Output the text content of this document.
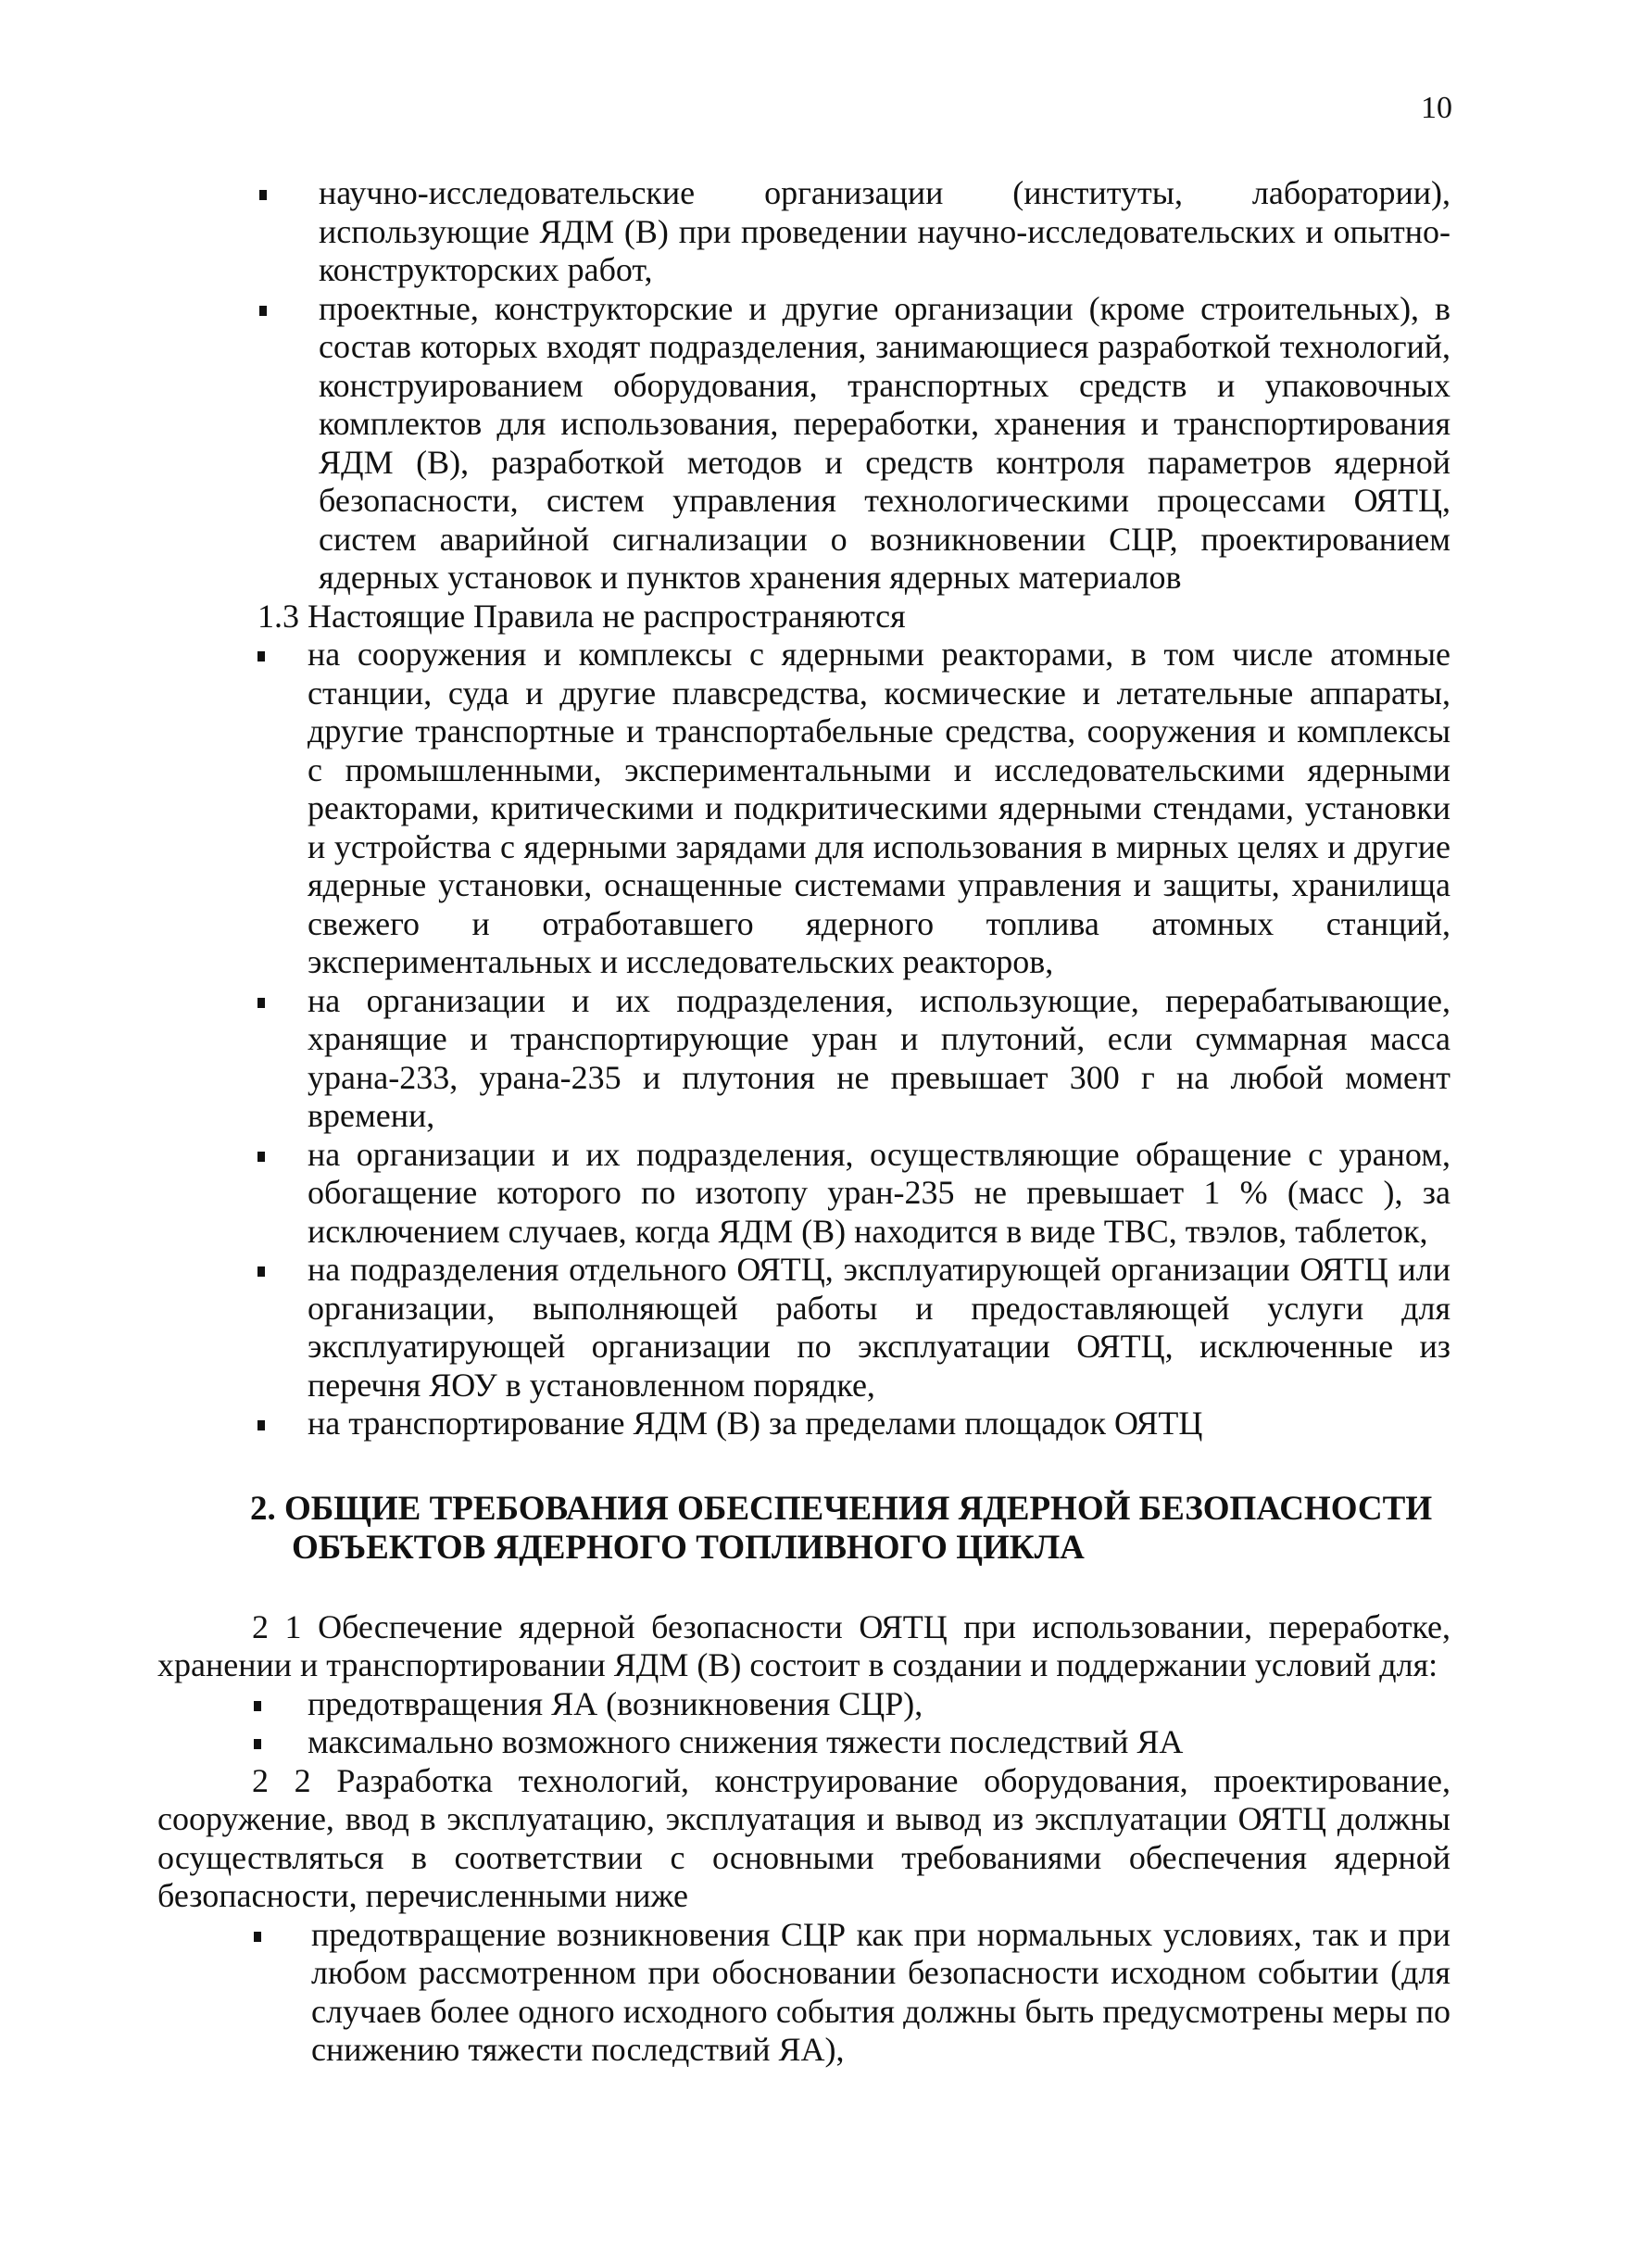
10
научно-исследовательские организации (институты, лаборатории), использующие ЯДМ (В) при проведении научно-исследовательских и опытно-конструкторских работ,
проектные, конструкторские и другие организации (кроме строительных), в состав которых входят подразделения, занимающиеся разработкой технологий, конструированием оборудования, транспортных средств и упаковочных комплектов для использования, переработки, хранения и транспортирования ЯДМ (В), разработкой методов и средств контроля параметров ядерной безопасности, систем управления технологическими процессами ОЯТЦ, систем аварийной сигнализации о возникновении СЦР, проектированием ядерных установок и пунктов хранения ядерных материалов

1.3 Настоящие Правила не распространяются

на сооружения и комплексы с ядерными реакторами, в том числе атомные станции, суда и другие плавсредства, космические и летательные аппараты, другие транспортные и транспортабельные средства, сооружения и комплексы с промышленными, экспериментальными и исследовательскими ядерными реакторами, критическими и подкритическими ядерными стендами, установки и устройства с ядерными зарядами для использования в мирных целях и другие ядерные установки, оснащенные системами управления и защиты, хранилища свежего и отработавшего ядерного топлива атомных станций, экспериментальных и исследовательских реакторов,
на организации и их подразделения, использующие, перерабатывающие, хранящие и транспортирующие уран и плутоний, если суммарная масса урана-233, урана-235 и плутония не превышает 300 г на любой момент времени,
на организации и их подразделения, осуществляющие обращение с ураном, обогащение которого по изотопу уран-235 не превышает 1 % (масс ), за исключением случаев, когда ЯДМ (В) находится в виде ТВС, твэлов, таблеток,
на подразделения отдельного ОЯТЦ, эксплуатирующей организации ОЯТЦ или организации, выполняющей работы и предоставляющей услуги для эксплуатирующей организации по эксплуатации ОЯТЦ, исключенные из перечня ЯОУ в установленном порядке,
на транспортирование ЯДМ (В) за пределами площадок ОЯТЦ
2. ОБЩИЕ ТРЕБОВАНИЯ ОБЕСПЕЧЕНИЯ ЯДЕРНОЙ БЕЗОПАСНОСТИ
ОБЪЕКТОВ ЯДЕРНОГО ТОПЛИВНОГО ЦИКЛА

2 1 Обеспечение ядерной безопасности ОЯТЦ при использовании, переработке, хранении и транспортировании ЯДМ (В) состоит в создании и поддержании условий для:

предотвращения ЯА (возникновения СЦР),
максимально возможного снижения тяжести последствий ЯА

2 2 Разработка технологий, конструирование оборудования, проектирование, сооружение, ввод в эксплуатацию, эксплуатация и вывод из эксплуатации ОЯТЦ должны осуществляться в соответствии с основными требованиями обеспечения ядерной безопасности, перечисленными ниже

предотвращение возникновения СЦР как при нормальных условиях, так и при любом рассмотренном при обосновании безопасности исходном событии (для случаев более одного исходного события должны быть предусмотрены меры по снижению тяжести последствий ЯА),
